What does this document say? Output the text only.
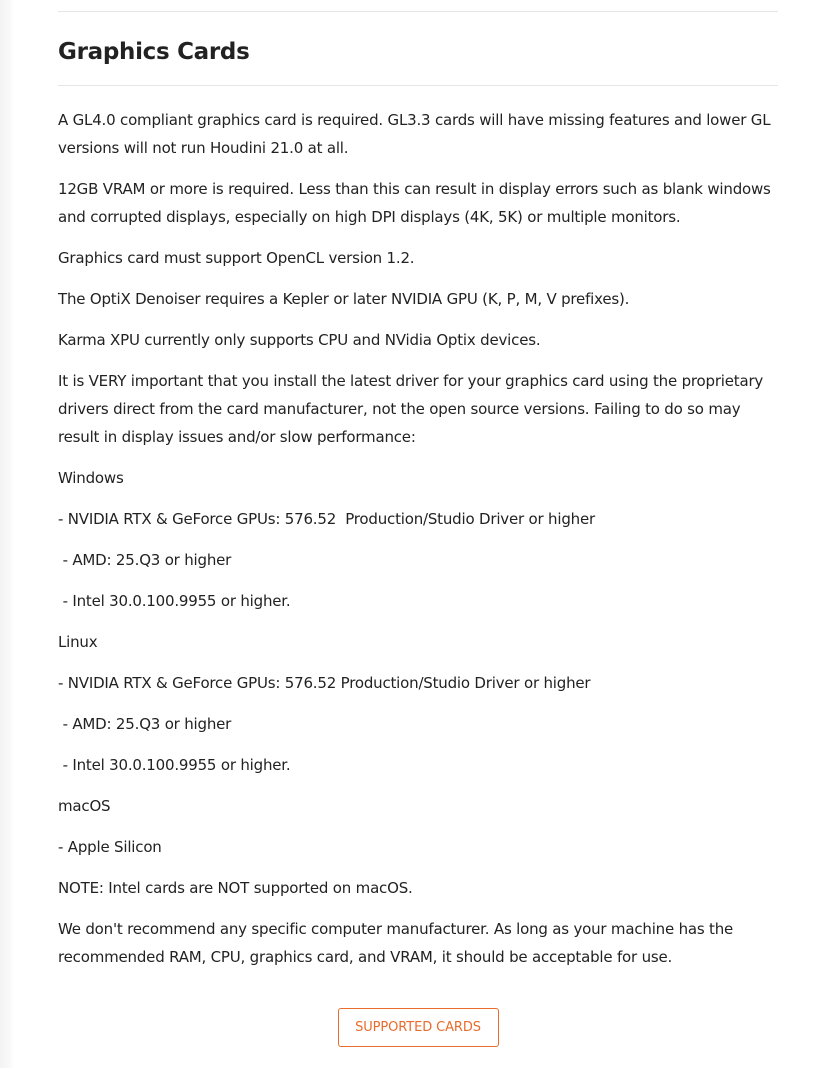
Graphics Cards

A GL4.0 compliant graphics card is required. GL3.3 cards will have missing features and lower GL versions will not run Houdini 21.0 at all.

12GB VRAM or more is required. Less than this can result in display errors such as blank windows and corrupted displays, especially on high DPI displays (4K, 5K) or multiple monitors.

Graphics card must support OpenCL version 1.2.

The OptiX Denoiser requires a Kepler or later NVIDIA GPU (K, P, M, V prefixes).

Karma XPU currently only supports CPU and NVidia Optix devices.

It is VERY important that you install the latest driver for your graphics card using the proprietary drivers direct from the card manufacturer, not the open source versions. Failing to do so may result in display issues and/or slow performance:

Windows

- NVIDIA RTX & GeForce GPUs: 576.52  Production/Studio Driver or higher

- AMD: 25.Q3 or higher

- Intel 30.0.100.9955 or higher.

Linux

- NVIDIA RTX & GeForce GPUs: 576.52 Production/Studio Driver or higher

- AMD: 25.Q3 or higher

- Intel 30.0.100.9955 or higher.

macOS

- Apple Silicon

NOTE: Intel cards are NOT supported on macOS.

We don't recommend any specific computer manufacturer. As long as your machine has the recommended RAM, CPU, graphics card, and VRAM, it should be acceptable for use.

SUPPORTED CARDS
